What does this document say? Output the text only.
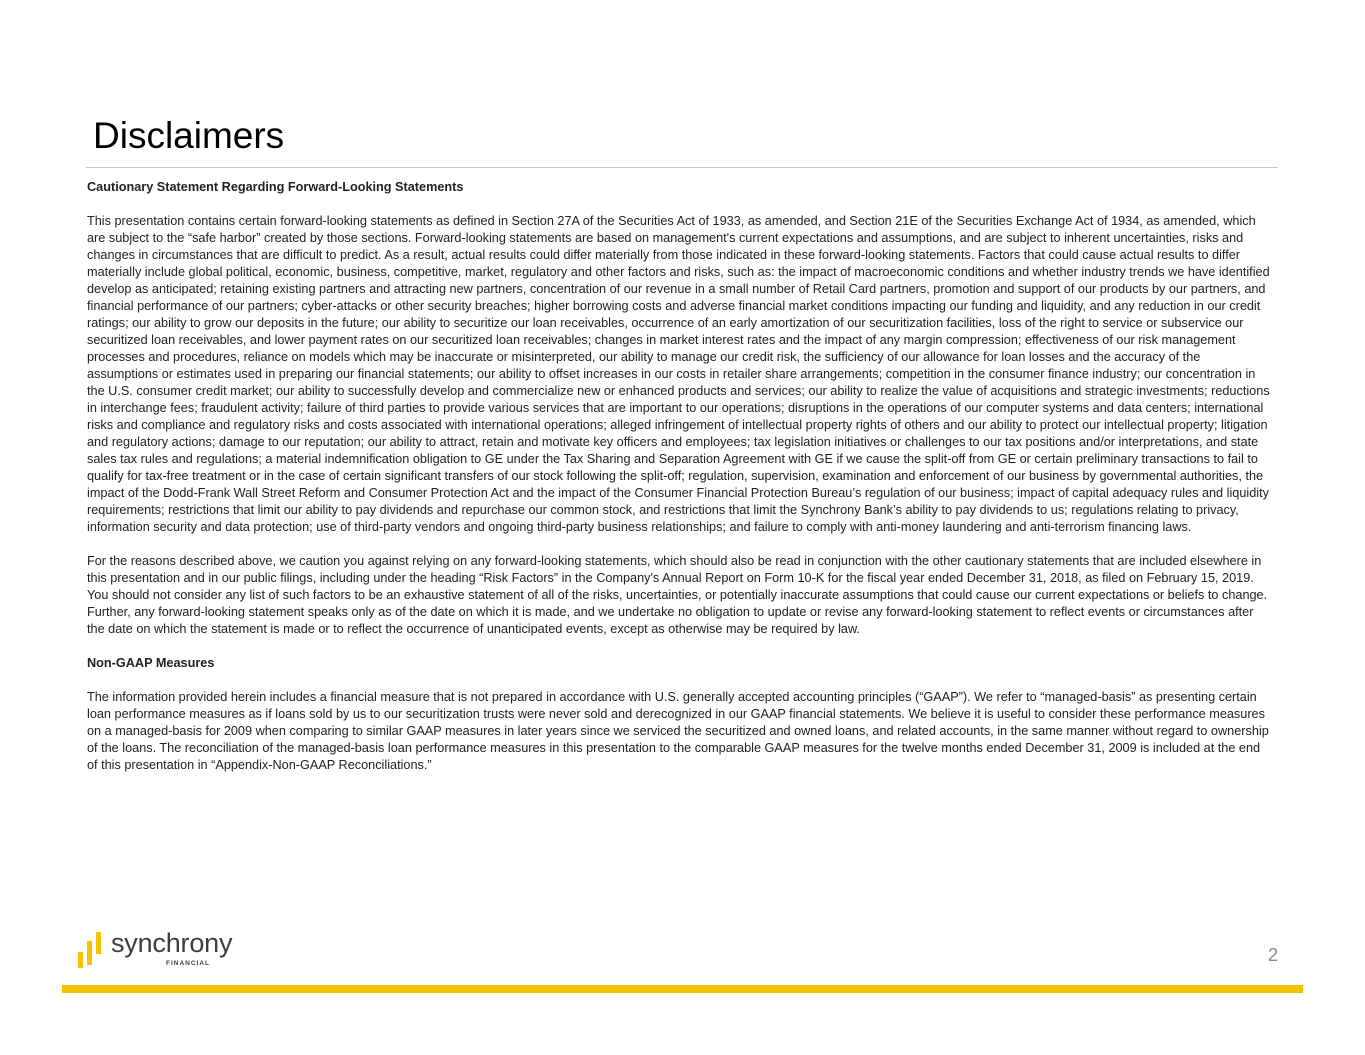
Disclaimers
Cautionary Statement Regarding Forward-Looking Statements

This presentation contains certain forward-looking statements as defined in Section 27A of the Securities Act of 1933, as amended, and Section 21E of the Securities Exchange Act of 1934, as amended, which are subject to the “safe harbor” created by those sections. Forward-looking statements are based on management's current expectations and assumptions, and are subject to inherent uncertainties, risks and changes in circumstances that are difficult to predict. As a result, actual results could differ materially from those indicated in these forward-looking statements. Factors that could cause actual results to differ materially include global political, economic, business, competitive, market, regulatory and other factors and risks, such as: the impact of macroeconomic conditions and whether industry trends we have identified develop as anticipated; retaining existing partners and attracting new partners, concentration of our revenue in a small number of Retail Card partners, promotion and support of our products by our partners, and financial performance of our partners; cyber-attacks or other security breaches; higher borrowing costs and adverse financial market conditions impacting our funding and liquidity, and any reduction in our credit ratings; our ability to grow our deposits in the future; our ability to securitize our loan receivables, occurrence of an early amortization of our securitization facilities, loss of the right to service or subservice our securitized loan receivables, and lower payment rates on our securitized loan receivables; changes in market interest rates and the impact of any margin compression; effectiveness of our risk management processes and procedures, reliance on models which may be inaccurate or misinterpreted, our ability to manage our credit risk, the sufficiency of our allowance for loan losses and the accuracy of the assumptions or estimates used in preparing our financial statements; our ability to offset increases in our costs in retailer share arrangements; competition in the consumer finance industry; our concentration in the U.S. consumer credit market; our ability to successfully develop and commercialize new or enhanced products and services; our ability to realize the value of acquisitions and strategic investments; reductions in interchange fees; fraudulent activity; failure of third parties to provide various services that are important to our operations; disruptions in the operations of our computer systems and data centers; international risks and compliance and regulatory risks and costs associated with international operations; alleged infringement of intellectual property rights of others and our ability to protect our intellectual property; litigation and regulatory actions; damage to our reputation; our ability to attract, retain and motivate key officers and employees; tax legislation initiatives or challenges to our tax positions and/or interpretations, and state sales tax rules and regulations; a material indemnification obligation to GE under the Tax Sharing and Separation Agreement with GE if we cause the split-off from GE or certain preliminary transactions to fail to qualify for tax-free treatment or in the case of certain significant transfers of our stock following the split-off; regulation, supervision, examination and enforcement of our business by governmental authorities, the impact of the Dodd-Frank Wall Street Reform and Consumer Protection Act and the impact of the Consumer Financial Protection Bureau’s regulation of our business; impact of capital adequacy rules and liquidity requirements; restrictions that limit our ability to pay dividends and repurchase our common stock, and restrictions that limit the Synchrony Bank’s ability to pay dividends to us; regulations relating to privacy, information security and data protection; use of third-party vendors and ongoing third-party business relationships; and failure to comply with anti-money laundering and anti-terrorism financing laws.

For the reasons described above, we caution you against relying on any forward-looking statements, which should also be read in conjunction with the other cautionary statements that are included elsewhere in this presentation and in our public filings, including under the heading “Risk Factors” in the Company's Annual Report on Form 10-K for the fiscal year ended December 31, 2018, as filed on February 15, 2019. You should not consider any list of such factors to be an exhaustive statement of all of the risks, uncertainties, or potentially inaccurate assumptions that could cause our current expectations or beliefs to change. Further, any forward-looking statement speaks only as of the date on which it is made, and we undertake no obligation to update or revise any forward-looking statement to reflect events or circumstances after the date on which the statement is made or to reflect the occurrence of unanticipated events, except as otherwise may be required by law.

Non-GAAP Measures

The information provided herein includes a financial measure that is not prepared in accordance with U.S. generally accepted accounting principles (“GAAP”). We refer to “managed-basis” as presenting certain loan performance measures as if loans sold by us to our securitization trusts were never sold and derecognized in our GAAP financial statements. We believe it is useful to consider these performance measures on a managed-basis for 2009 when comparing to similar GAAP measures in later years since we serviced the securitized and owned loans, and related accounts, in the same manner without regard to ownership of the loans. The reconciliation of the managed-basis loan performance measures in this presentation to the comparable GAAP measures for the twelve months ended December 31, 2009 is included at the end of this presentation in “Appendix-Non-GAAP Reconciliations.”

synchrony
FINANCIAL	2
